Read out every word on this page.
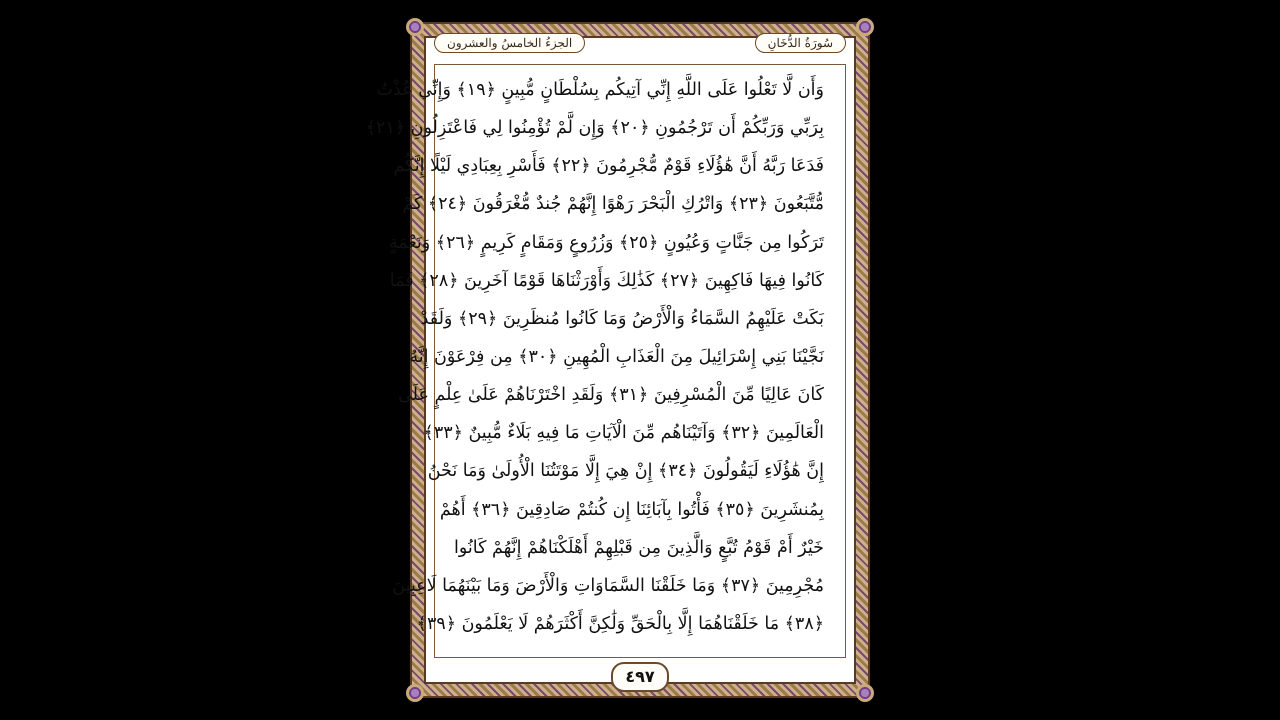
سُورَةُ الدُّخَانِ
الجزءُ الخامسُ والعشرون
وَأَن لَّا تَعْلُوا عَلَى اللَّهِ إِنِّي آتِيكُم بِسُلْطَانٍ مُّبِينٍ ﴿١٩﴾ وَإِنِّي عُذْتُ
بِرَبِّي وَرَبِّكُمْ أَن تَرْجُمُونِ ﴿٢٠﴾ وَإِن لَّمْ تُؤْمِنُوا لِي فَاعْتَزِلُونِ ﴿٢١﴾
فَدَعَا رَبَّهُ أَنَّ هَٰؤُلَاءِ قَوْمٌ مُّجْرِمُونَ ﴿٢٢﴾ فَأَسْرِ بِعِبَادِي لَيْلًا إِنَّكُم
مُّتَّبَعُونَ ﴿٢٣﴾ وَاتْرُكِ الْبَحْرَ رَهْوًا إِنَّهُمْ جُندٌ مُّغْرَقُونَ ﴿٢٤﴾ كَمْ
تَرَكُوا مِن جَنَّاتٍ وَعُيُونٍ ﴿٢٥﴾ وَزُرُوعٍ وَمَقَامٍ كَرِيمٍ ﴿٢٦﴾ وَنَعْمَةٍ
كَانُوا فِيهَا فَاكِهِينَ ﴿٢٧﴾ كَذَٰلِكَ وَأَوْرَثْنَاهَا قَوْمًا آخَرِينَ ﴿٢٨﴾ فَمَا
بَكَتْ عَلَيْهِمُ السَّمَاءُ وَالْأَرْضُ وَمَا كَانُوا مُنظَرِينَ ﴿٢٩﴾ وَلَقَدْ
نَجَّيْنَا بَنِي إِسْرَائِيلَ مِنَ الْعَذَابِ الْمُهِينِ ﴿٣٠﴾ مِن فِرْعَوْنَ إِنَّهُ
كَانَ عَالِيًا مِّنَ الْمُسْرِفِينَ ﴿٣١﴾ وَلَقَدِ اخْتَرْنَاهُمْ عَلَىٰ عِلْمٍ عَلَى
الْعَالَمِينَ ﴿٣٢﴾ وَآتَيْنَاهُم مِّنَ الْآيَاتِ مَا فِيهِ بَلَاءٌ مُّبِينٌ ﴿٣٣﴾
إِنَّ هَٰؤُلَاءِ لَيَقُولُونَ ﴿٣٤﴾ إِنْ هِيَ إِلَّا مَوْتَتُنَا الْأُولَىٰ وَمَا نَحْنُ
بِمُنشَرِينَ ﴿٣٥﴾ فَأْتُوا بِآبَائِنَا إِن كُنتُمْ صَادِقِينَ ﴿٣٦﴾ أَهُمْ
خَيْرٌ أَمْ قَوْمُ تُبَّعٍ وَالَّذِينَ مِن قَبْلِهِمْ أَهْلَكْنَاهُمْ إِنَّهُمْ كَانُوا
مُجْرِمِينَ ﴿٣٧﴾ وَمَا خَلَقْنَا السَّمَاوَاتِ وَالْأَرْضَ وَمَا بَيْنَهُمَا لَاعِبِينَ
﴿٣٨﴾ مَا خَلَقْنَاهُمَا إِلَّا بِالْحَقِّ وَلَٰكِنَّ أَكْثَرَهُمْ لَا يَعْلَمُونَ ﴿٣٩﴾
٤٩٧
